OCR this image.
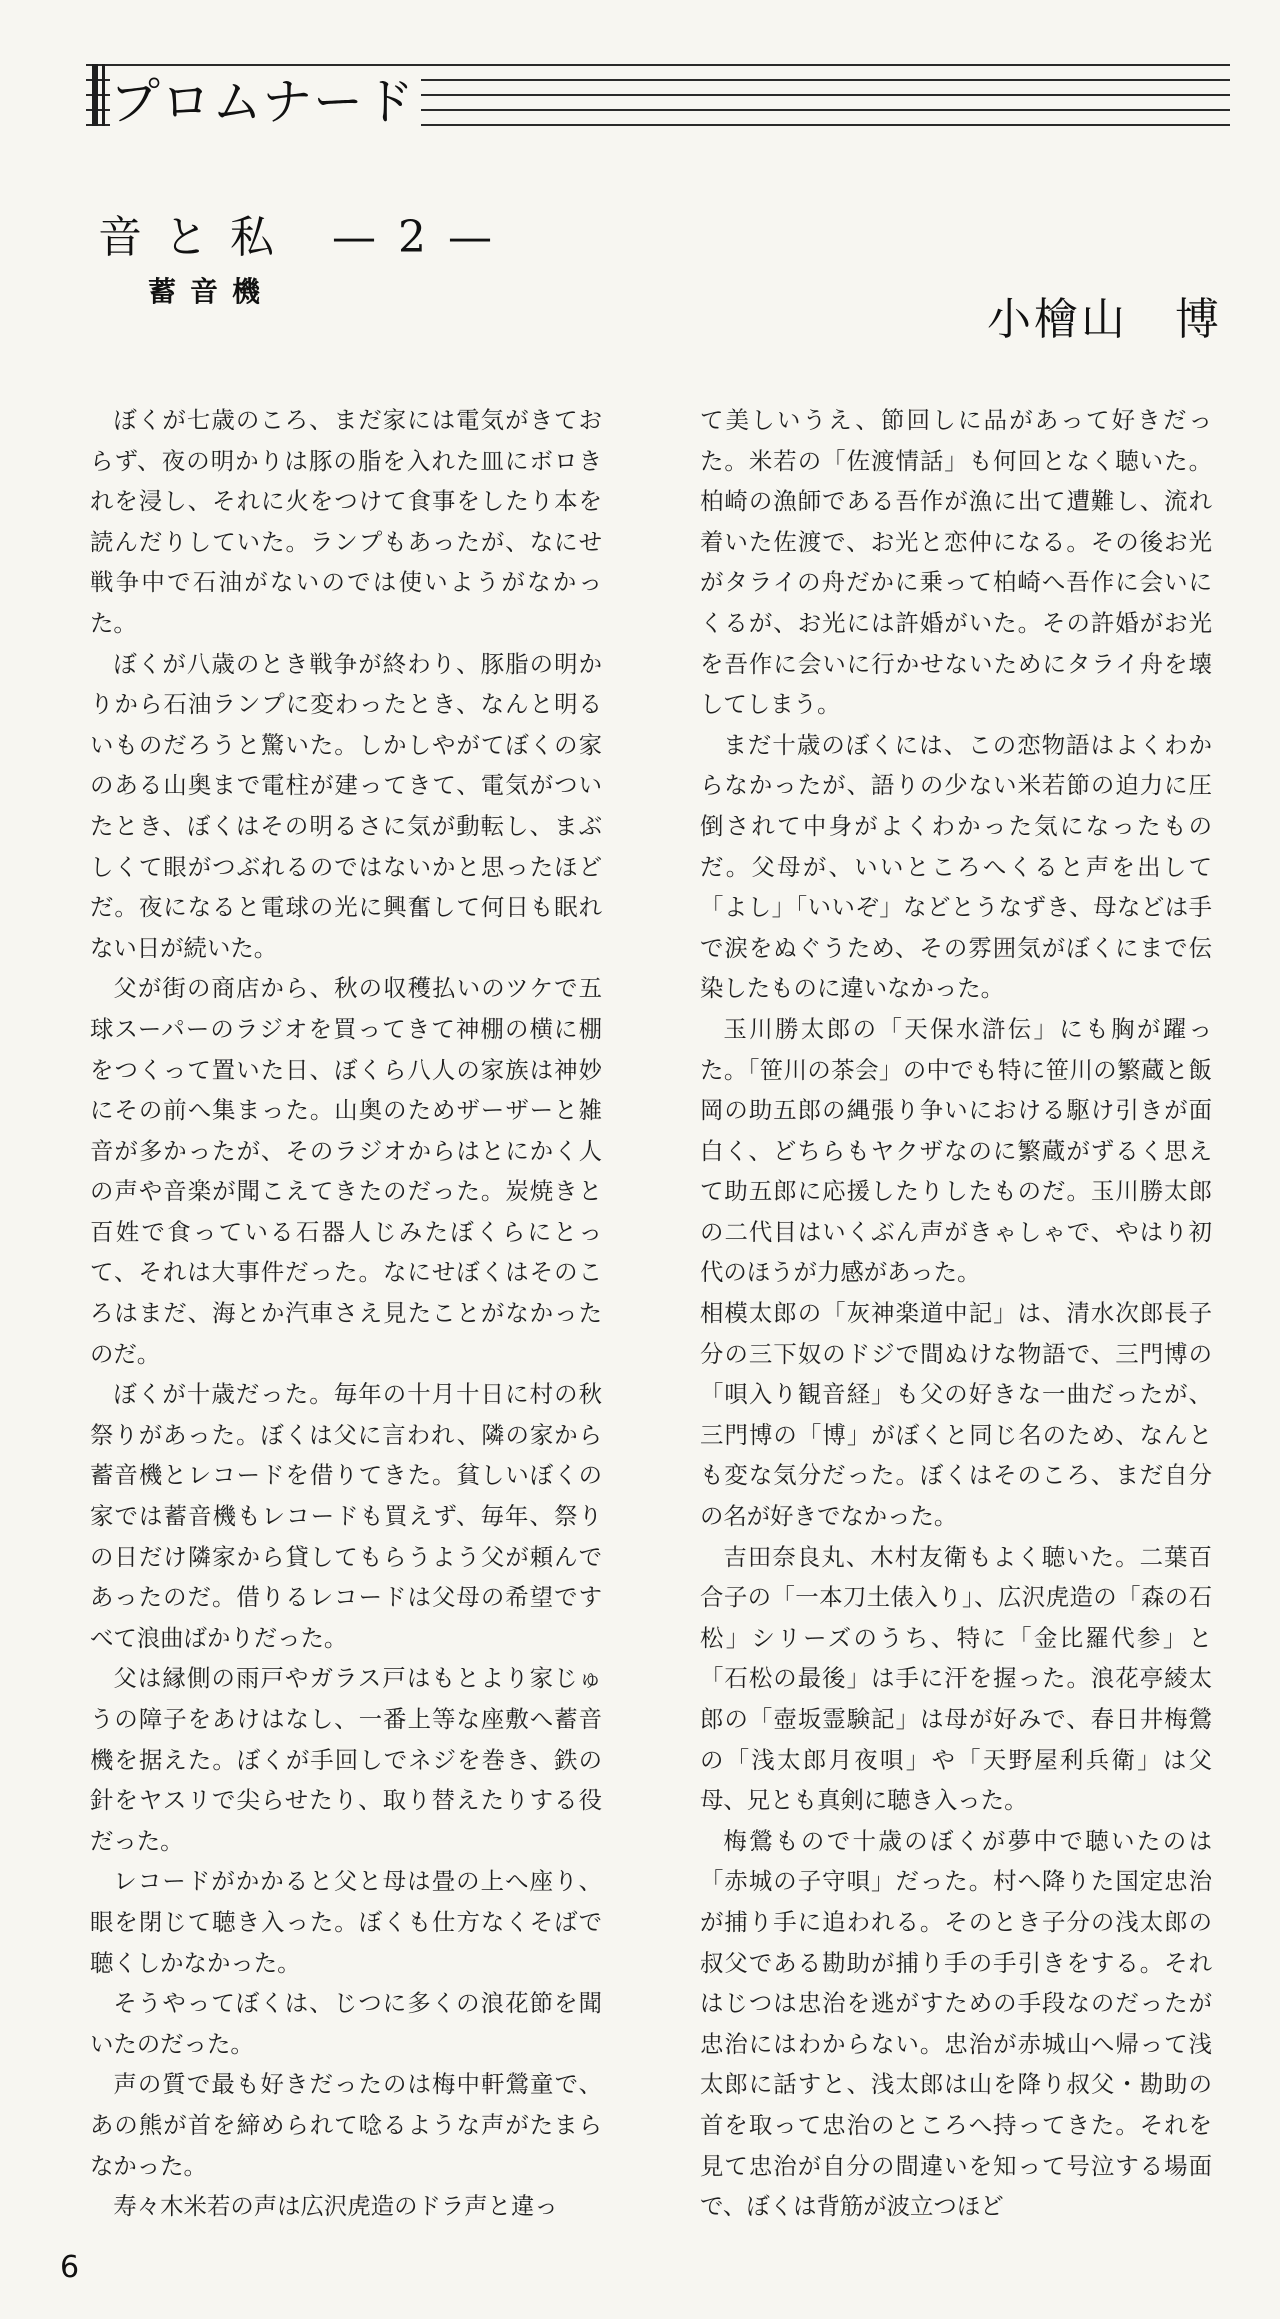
プロムナード
音と私 —2—
蓄音機
小檜山　博

ぼくが七歳のころ、まだ家には電気がきておらず、夜の明かりは豚の脂を入れた皿にボロきれを浸し、それに火をつけて食事をしたり本を読んだりしていた。ランプもあったが、なにせ戦争中で石油がないのでは使いようがなかった。

ぼくが八歳のとき戦争が終わり、豚脂の明かりから石油ランプに変わったとき、なんと明るいものだろうと驚いた。しかしやがてぼくの家のある山奥まで電柱が建ってきて、電気がついたとき、ぼくはその明るさに気が動転し、まぶしくて眼がつぶれるのではないかと思ったほどだ。夜になると電球の光に興奮して何日も眠れない日が続いた。

父が街の商店から、秋の収穫払いのツケで五球スーパーのラジオを買ってきて神棚の横に棚をつくって置いた日、ぼくら八人の家族は神妙にその前へ集まった。山奥のためザーザーと雑音が多かったが、そのラジオからはとにかく人の声や音楽が聞こえてきたのだった。炭焼きと百姓で食っている石器人じみたぼくらにとって、それは大事件だった。なにせぼくはそのころはまだ、海とか汽車さえ見たことがなかったのだ。

ぼくが十歳だった。毎年の十月十日に村の秋祭りがあった。ぼくは父に言われ、隣の家から蓄音機とレコードを借りてきた。貧しいぼくの家では蓄音機もレコードも買えず、毎年、祭りの日だけ隣家から貸してもらうよう父が頼んであったのだ。借りるレコードは父母の希望ですべて浪曲ばかりだった。

父は縁側の雨戸やガラス戸はもとより家じゅうの障子をあけはなし、一番上等な座敷へ蓄音機を据えた。ぼくが手回しでネジを巻き、鉄の針をヤスリで尖らせたり、取り替えたりする役だった。

レコードがかかると父と母は畳の上へ座り、眼を閉じて聴き入った。ぼくも仕方なくそばで聴くしかなかった。

そうやってぼくは、じつに多くの浪花節を聞いたのだった。

声の質で最も好きだったのは梅中軒鶯童で、あの熊が首を締められて唸るような声がたまらなかった。

寿々木米若の声は広沢虎造のドラ声と違っ

て美しいうえ、節回しに品があって好きだった。米若の「佐渡情話」も何回となく聴いた。柏崎の漁師である吾作が漁に出て遭難し、流れ着いた佐渡で、お光と恋仲になる。その後お光がタライの舟だかに乗って柏崎へ吾作に会いにくるが、お光には許婚がいた。その許婚がお光を吾作に会いに行かせないためにタライ舟を壊してしまう。

まだ十歳のぼくには、この恋物語はよくわからなかったが、語りの少ない米若節の迫力に圧倒されて中身がよくわかった気になったものだ。父母が、いいところへくると声を出して「よし」「いいぞ」などとうなずき、母などは手で涙をぬぐうため、その雰囲気がぼくにまで伝染したものに違いなかった。

玉川勝太郎の「天保水滸伝」にも胸が躍った。「笹川の茶会」の中でも特に笹川の繁蔵と飯岡の助五郎の縄張り争いにおける駆け引きが面白く、どちらもヤクザなのに繁蔵がずるく思えて助五郎に応援したりしたものだ。玉川勝太郎の二代目はいくぶん声がきゃしゃで、やはり初代のほうが力感があった。

相模太郎の「灰神楽道中記」は、清水次郎長子分の三下奴のドジで間ぬけな物語で、三門博の「唄入り観音経」も父の好きな一曲だったが、三門博の「博」がぼくと同じ名のため、なんとも変な気分だった。ぼくはそのころ、まだ自分の名が好きでなかった。

吉田奈良丸、木村友衛もよく聴いた。二葉百合子の「一本刀土俵入り」、広沢虎造の「森の石松」シリーズのうち、特に「金比羅代参」と「石松の最後」は手に汗を握った。浪花亭綾太郎の「壺坂霊験記」は母が好みで、春日井梅鶯の「浅太郎月夜唄」や「天野屋利兵衛」は父母、兄とも真剣に聴き入った。

梅鶯もので十歳のぼくが夢中で聴いたのは「赤城の子守唄」だった。村へ降りた国定忠治が捕り手に追われる。そのとき子分の浅太郎の叔父である勘助が捕り手の手引きをする。それはじつは忠治を逃がすための手段なのだったが忠治にはわからない。忠治が赤城山へ帰って浅太郎に話すと、浅太郎は山を降り叔父・勘助の首を取って忠治のところへ持ってきた。それを見て忠治が自分の間違いを知って号泣する場面で、ぼくは背筋が波立つほど

6
